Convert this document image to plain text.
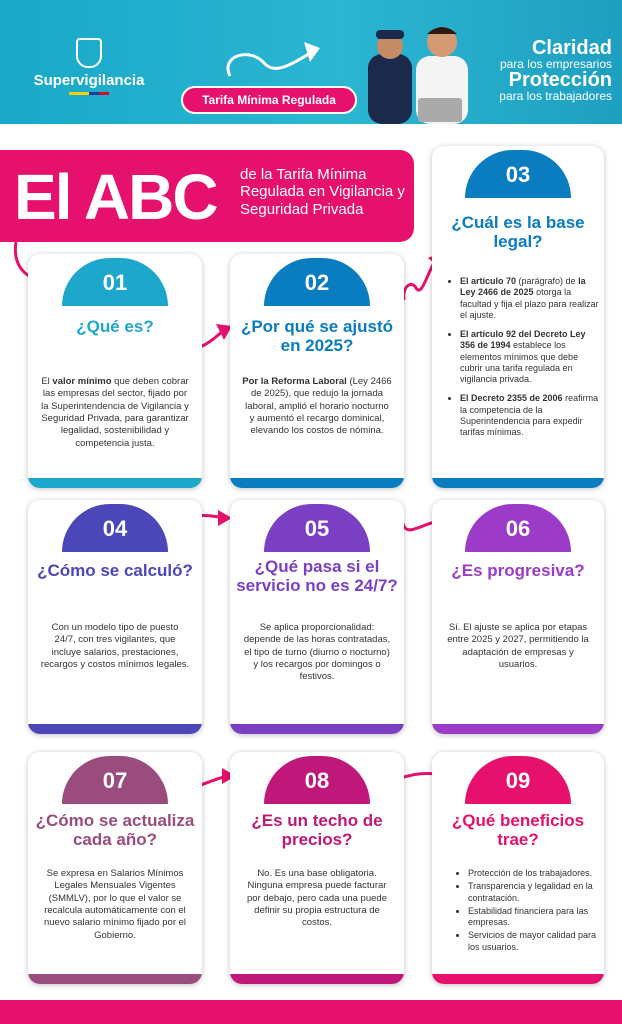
Supervigilancia
Tarifa Mínima Regulada
Claridad
para los empresarios
Protección
para los trabajadores
El ABC de la Tarifa Mínima Regulada en Vigilancia y Seguridad Privada
01
¿Qué es?
El valor mínimo que deben cobrar las empresas del sector, fijado por la Superintendencia de Vigilancia y Seguridad Privada, para garantizar legalidad, sostenibilidad y competencia justa.
02
¿Por qué se ajustó en 2025?
Por la Reforma Laboral (Ley 2466 de 2025), que redujo la jornada laboral, amplió el horario nocturno y aumentó el recargo dominical, elevando los costos de nómina.
03
¿Cuál es la base legal?
• El artículo 70 (parágrafo) de la Ley 2466 de 2025 otorga la facultad y fija el plazo para realizar el ajuste.
• El artículo 92 del Decreto Ley 356 de 1994 establece los elementos mínimos que debe cubrir una tarifa regulada en vigilancia privada.
• El Decreto 2355 de 2006 reafirma la competencia de la Superintendencia para expedir tarifas mínimas.
04
¿Cómo se calculó?
Con un modelo tipo de puesto 24/7, con tres vigilantes, que incluye salarios, prestaciones, recargos y costos mínimos legales.
05
¿Qué pasa si el servicio no es 24/7?
Se aplica proporcionalidad: depende de las horas contratadas, el tipo de turno (diurno o nocturno) y los recargos por domingos o festivos.
06
¿Es progresiva?
Sí. El ajuste se aplica por etapas entre 2025 y 2027, permitiendo la adaptación de empresas y usuarios.
07
¿Cómo se actualiza cada año?
Se expresa en Salarios Mínimos Legales Mensuales Vigentes (SMMLV), por lo que el valor se recalcula automáticamente con el nuevo salario mínimo fijado por el Gobierno.
08
¿Es un techo de precios?
No. Es una base obligatoria. Ninguna empresa puede facturar por debajo, pero cada una puede definir su propia estructura de costos.
09
¿Qué beneficios trae?
• Protección de los trabajadores.
• Transparencia y legalidad en la contratación.
• Estabilidad financiera para las empresas.
• Servicios de mayor calidad para los usuarios.
